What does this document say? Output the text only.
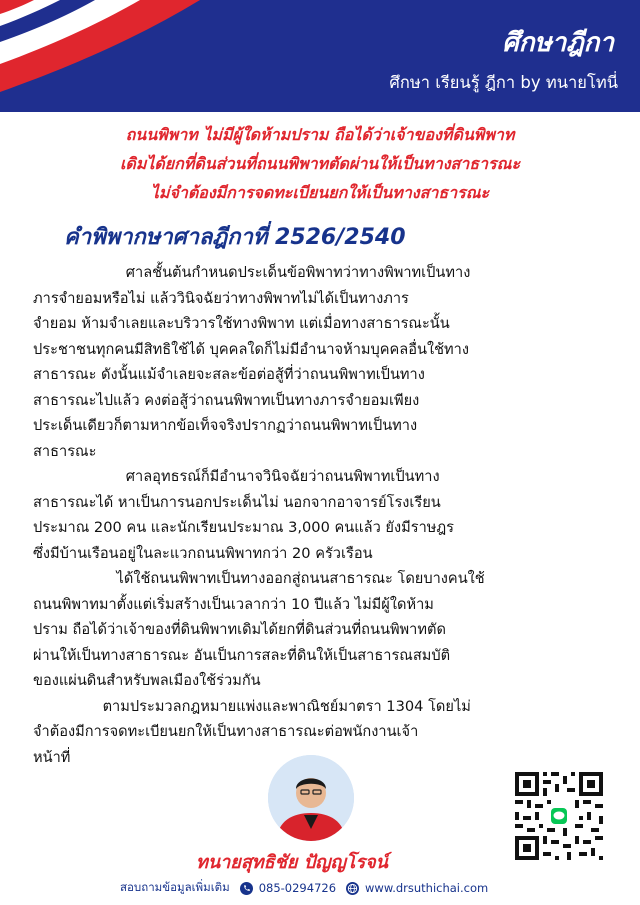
ศึกษาฎีกา
ศึกษา เรียนรู้ ฎีกา by ทนายโทนี่
ถนนพิพาท ไม่มีผู้ใดห้ามปราม ถือได้ว่าเจ้าของที่ดินพิพาท
เดิมได้ยกที่ดินส่วนที่ถนนพิพาทตัดผ่านให้เป็นทางสาธารณะ
ไม่จำต้องมีการจดทะเบียนยกให้เป็นทางสาธารณะ
คำพิพากษาศาลฎีกาที่ 2526/2540

ศาลชั้นต้นกำหนดประเด็นข้อพิพาทว่าทางพิพาทเป็นทาง

ภารจำยอมหรือไม่ แล้ววินิจฉัยว่าทางพิพาทไม่ได้เป็นทางภาร

จำยอม ห้ามจำเลยและบริวารใช้ทางพิพาท แต่เมื่อทางสาธารณะนั้น

ประชาชนทุกคนมีสิทธิใช้ได้ บุคคลใดก็ไม่มีอำนาจห้ามบุคคลอื่นใช้ทาง

สาธารณะ ดังนั้นแม้จำเลยจะสละข้อต่อสู้ที่ว่าถนนพิพาทเป็นทาง

สาธารณะไปแล้ว คงต่อสู้ว่าถนนพิพาทเป็นทางภารจำยอมเพียง

ประเด็นเดียวก็ตามหากข้อเท็จจริงปรากฏว่าถนนพิพาทเป็นทาง

สาธารณะ

ศาลอุทธรณ์ก็มีอำนาจวินิจฉัยว่าถนนพิพาทเป็นทาง

สาธารณะได้ หาเป็นการนอกประเด็นไม่ นอกจากอาจารย์โรงเรียน

ประมาณ 200 คน และนักเรียนประมาณ 3,000 คนแล้ว ยังมีราษฎร

ซึ่งมีบ้านเรือนอยู่ในละแวกถนนพิพาทกว่า 20 ครัวเรือน

ได้ใช้ถนนพิพาทเป็นทางออกสู่ถนนสาธารณะ โดยบางคนใช้

ถนนพิพาทมาตั้งแต่เริ่มสร้างเป็นเวลากว่า 10 ปีแล้ว ไม่มีผู้ใดห้าม

ปราม ถือได้ว่าเจ้าของที่ดินพิพาทเดิมได้ยกที่ดินส่วนที่ถนนพิพาทตัด

ผ่านให้เป็นทางสาธารณะ อันเป็นการสละที่ดินให้เป็นสาธารณสมบัติ

ของแผ่นดินสำหรับพลเมืองใช้ร่วมกัน

ตามประมวลกฎหมายแพ่งและพาณิชย์มาตรา 1304 โดยไม่

จำต้องมีการจดทะเบียนยกให้เป็นทางสาธารณะต่อพนักงานเจ้า

หน้าที่

ทนายสุทธิชัย ปัญญโรจน์
สอบถามข้อมูลเพิ่มเติม	085-0294726	www.drsuthichai.com
